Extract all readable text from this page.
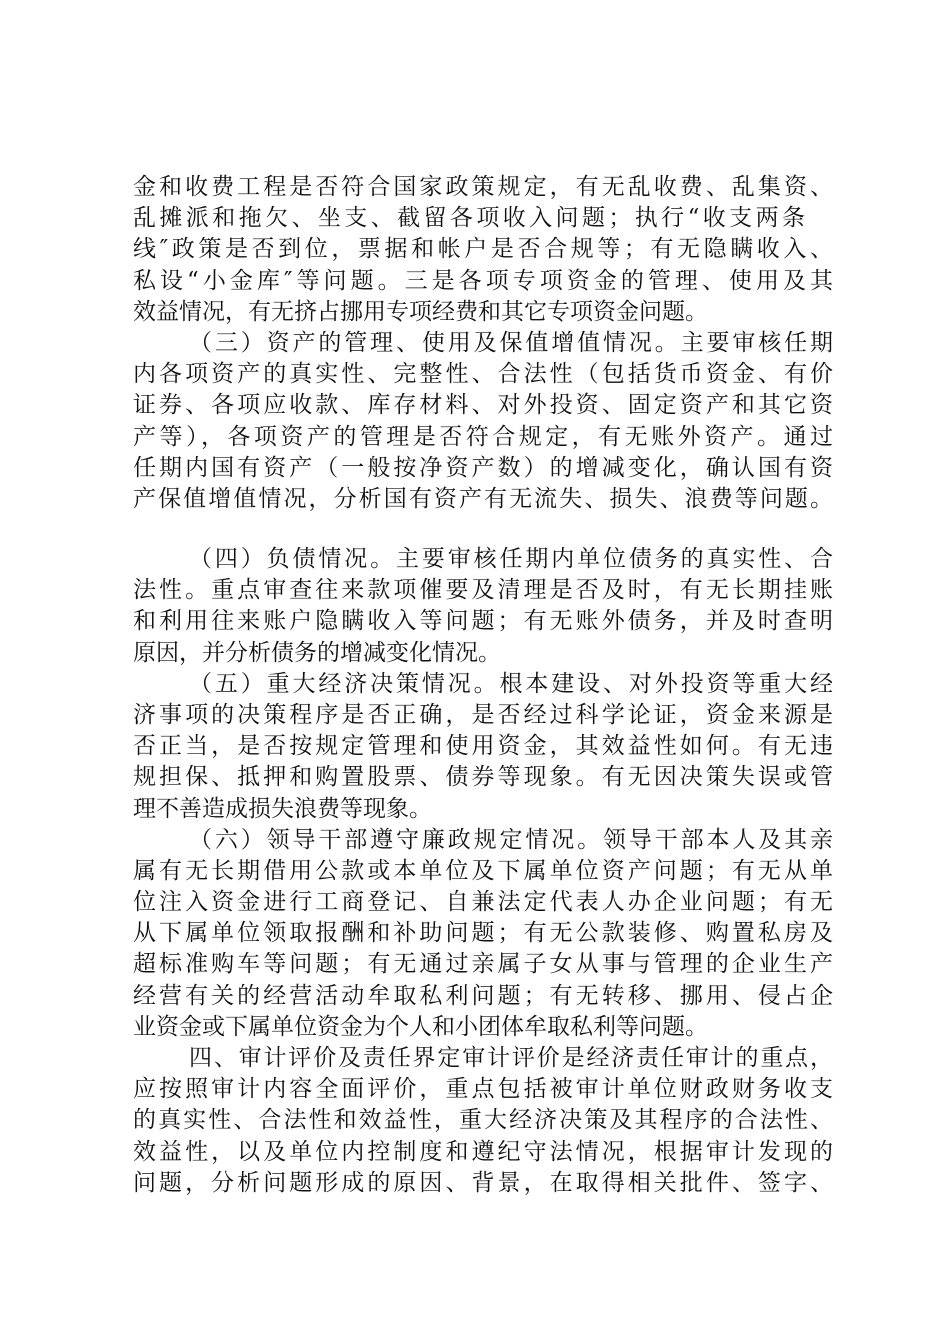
金和收费工程是否符合国家政策规定，有无乱收费、乱集资、
乱摊派和拖欠、坐支、截留各项收入问题；执行“收支两条
线″政策是否到位，票据和帐户是否合规等；有无隐瞒收入、
私设“小金库″等问题。三是各项专项资金的管理、使用及其
效益情况，有无挤占挪用专项经费和其它专项资金问题。
（三）资产的管理、使用及保值增值情况。主要审核任期
内各项资产的真实性、完整性、合法性（包括货币资金、有价
证券、各项应收款、库存材料、对外投资、固定资产和其它资
产等），各项资产的管理是否符合规定，有无账外资产。通过
任期内国有资产（一般按净资产数）的增减变化，确认国有资
产保值增值情况，分析国有资产有无流失、损失、浪费等问题。
（四）负债情况。主要审核任期内单位债务的真实性、合
法性。重点审查往来款项催要及清理是否及时，有无长期挂账
和利用往来账户隐瞒收入等问题；有无账外债务，并及时查明
原因，并分析债务的增减变化情况。
（五）重大经济决策情况。根本建设、对外投资等重大经
济事项的决策程序是否正确，是否经过科学论证，资金来源是
否正当，是否按规定管理和使用资金，其效益性如何。有无违
规担保、抵押和购置股票、债券等现象。有无因决策失误或管
理不善造成损失浪费等现象。
（六）领导干部遵守廉政规定情况。领导干部本人及其亲
属有无长期借用公款或本单位及下属单位资产问题；有无从单
位注入资金进行工商登记、自兼法定代表人办企业问题；有无
从下属单位领取报酬和补助问题；有无公款装修、购置私房及
超标准购车等问题；有无通过亲属子女从事与管理的企业生产
经营有关的经营活动牟取私利问题；有无转移、挪用、侵占企
业资金或下属单位资金为个人和小团体牟取私利等问题。
四、审计评价及责任界定审计评价是经济责任审计的重点，
应按照审计内容全面评价，重点包括被审计单位财政财务收支
的真实性、合法性和效益性，重大经济决策及其程序的合法性、
效益性，以及单位内控制度和遵纪守法情况，根据审计发现的
问题，分析问题形成的原因、背景，在取得相关批件、签字、
